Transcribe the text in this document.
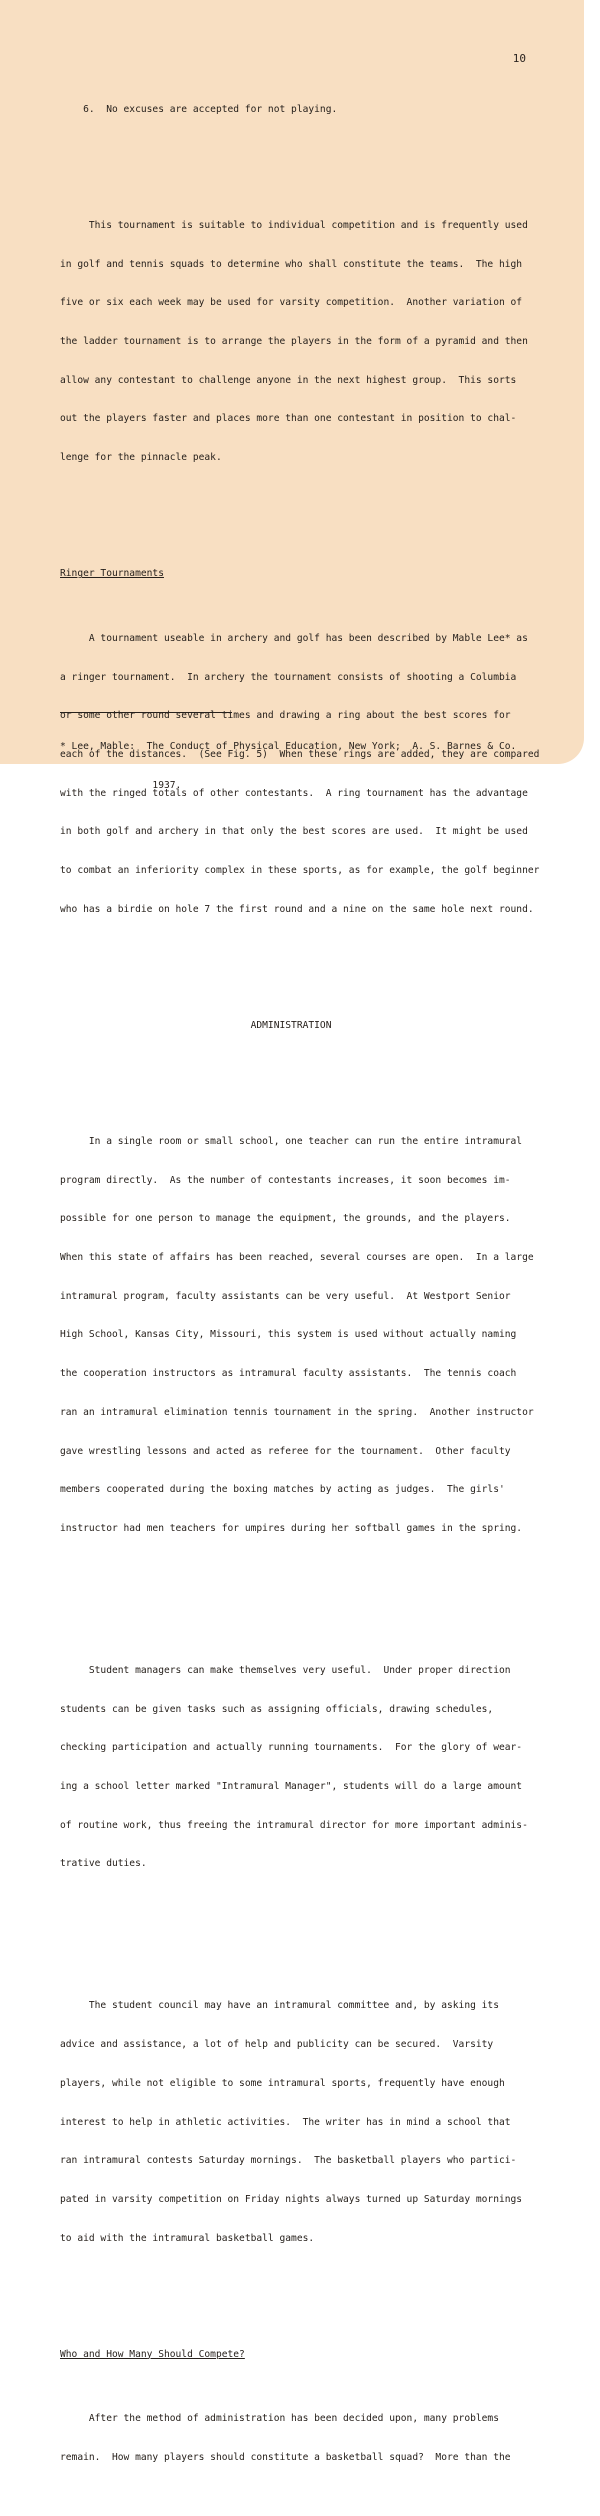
10

6.  No excuses are accepted for not playing.

This tournament is suitable to individual competition and is frequently used

in golf and tennis squads to determine who shall constitute the teams.  The high

five or six each week may be used for varsity competition.  Another variation of

the ladder tournament is to arrange the players in the form of a pyramid and then

allow any contestant to challenge anyone in the next highest group.  This sorts

out the players faster and places more than one contestant in position to chal-

lenge for the pinnacle peak.

Ringer Tournaments

A tournament useable in archery and golf has been described by Mable Lee* as

a ringer tournament.  In archery the tournament consists of shooting a Columbia

or some other round several times and drawing a ring about the best scores for

each of the distances.  (See Fig. 5)  When these rings are added, they are compared

with the ringed totals of other contestants.  A ring tournament has the advantage

in both golf and archery in that only the best scores are used.  It might be used

to combat an inferiority complex in these sports, as for example, the golf beginner

who has a birdie on hole 7 the first round and a nine on the same hole next round.

ADMINISTRATION

In a single room or small school, one teacher can run the entire intramural

program directly.  As the number of contestants increases, it soon becomes im-

possible for one person to manage the equipment, the grounds, and the players.

When this state of affairs has been reached, several courses are open.  In a large

intramural program, faculty assistants can be very useful.  At Westport Senior

High School, Kansas City, Missouri, this system is used without actually naming

the cooperation instructors as intramural faculty assistants.  The tennis coach

ran an intramural elimination tennis tournament in the spring.  Another instructor

gave wrestling lessons and acted as referee for the tournament.  Other faculty

members cooperated during the boxing matches by acting as judges.  The girls'

instructor had men teachers for umpires during her softball games in the spring.

Student managers can make themselves very useful.  Under proper direction

students can be given tasks such as assigning officials, drawing schedules,

checking participation and actually running tournaments.  For the glory of wear-

ing a school letter marked "Intramural Manager", students will do a large amount

of routine work, thus freeing the intramural director for more important adminis-

trative duties.

The student council may have an intramural committee and, by asking its

advice and assistance, a lot of help and publicity can be secured.  Varsity

players, while not eligible to some intramural sports, frequently have enough

interest to help in athletic activities.  The writer has in mind a school that

ran intramural contests Saturday mornings.  The basketball players who partici-

pated in varsity competition on Friday nights always turned up Saturday mornings

to aid with the intramural basketball games.

Who and How Many Should Compete?

After the method of administration has been decided upon, many problems

remain.  How many players should constitute a basketball squad?  More than the

* Lee, Mable:  The Conduct of Physical Education, New York;  A. S. Barnes & Co.

1937.
